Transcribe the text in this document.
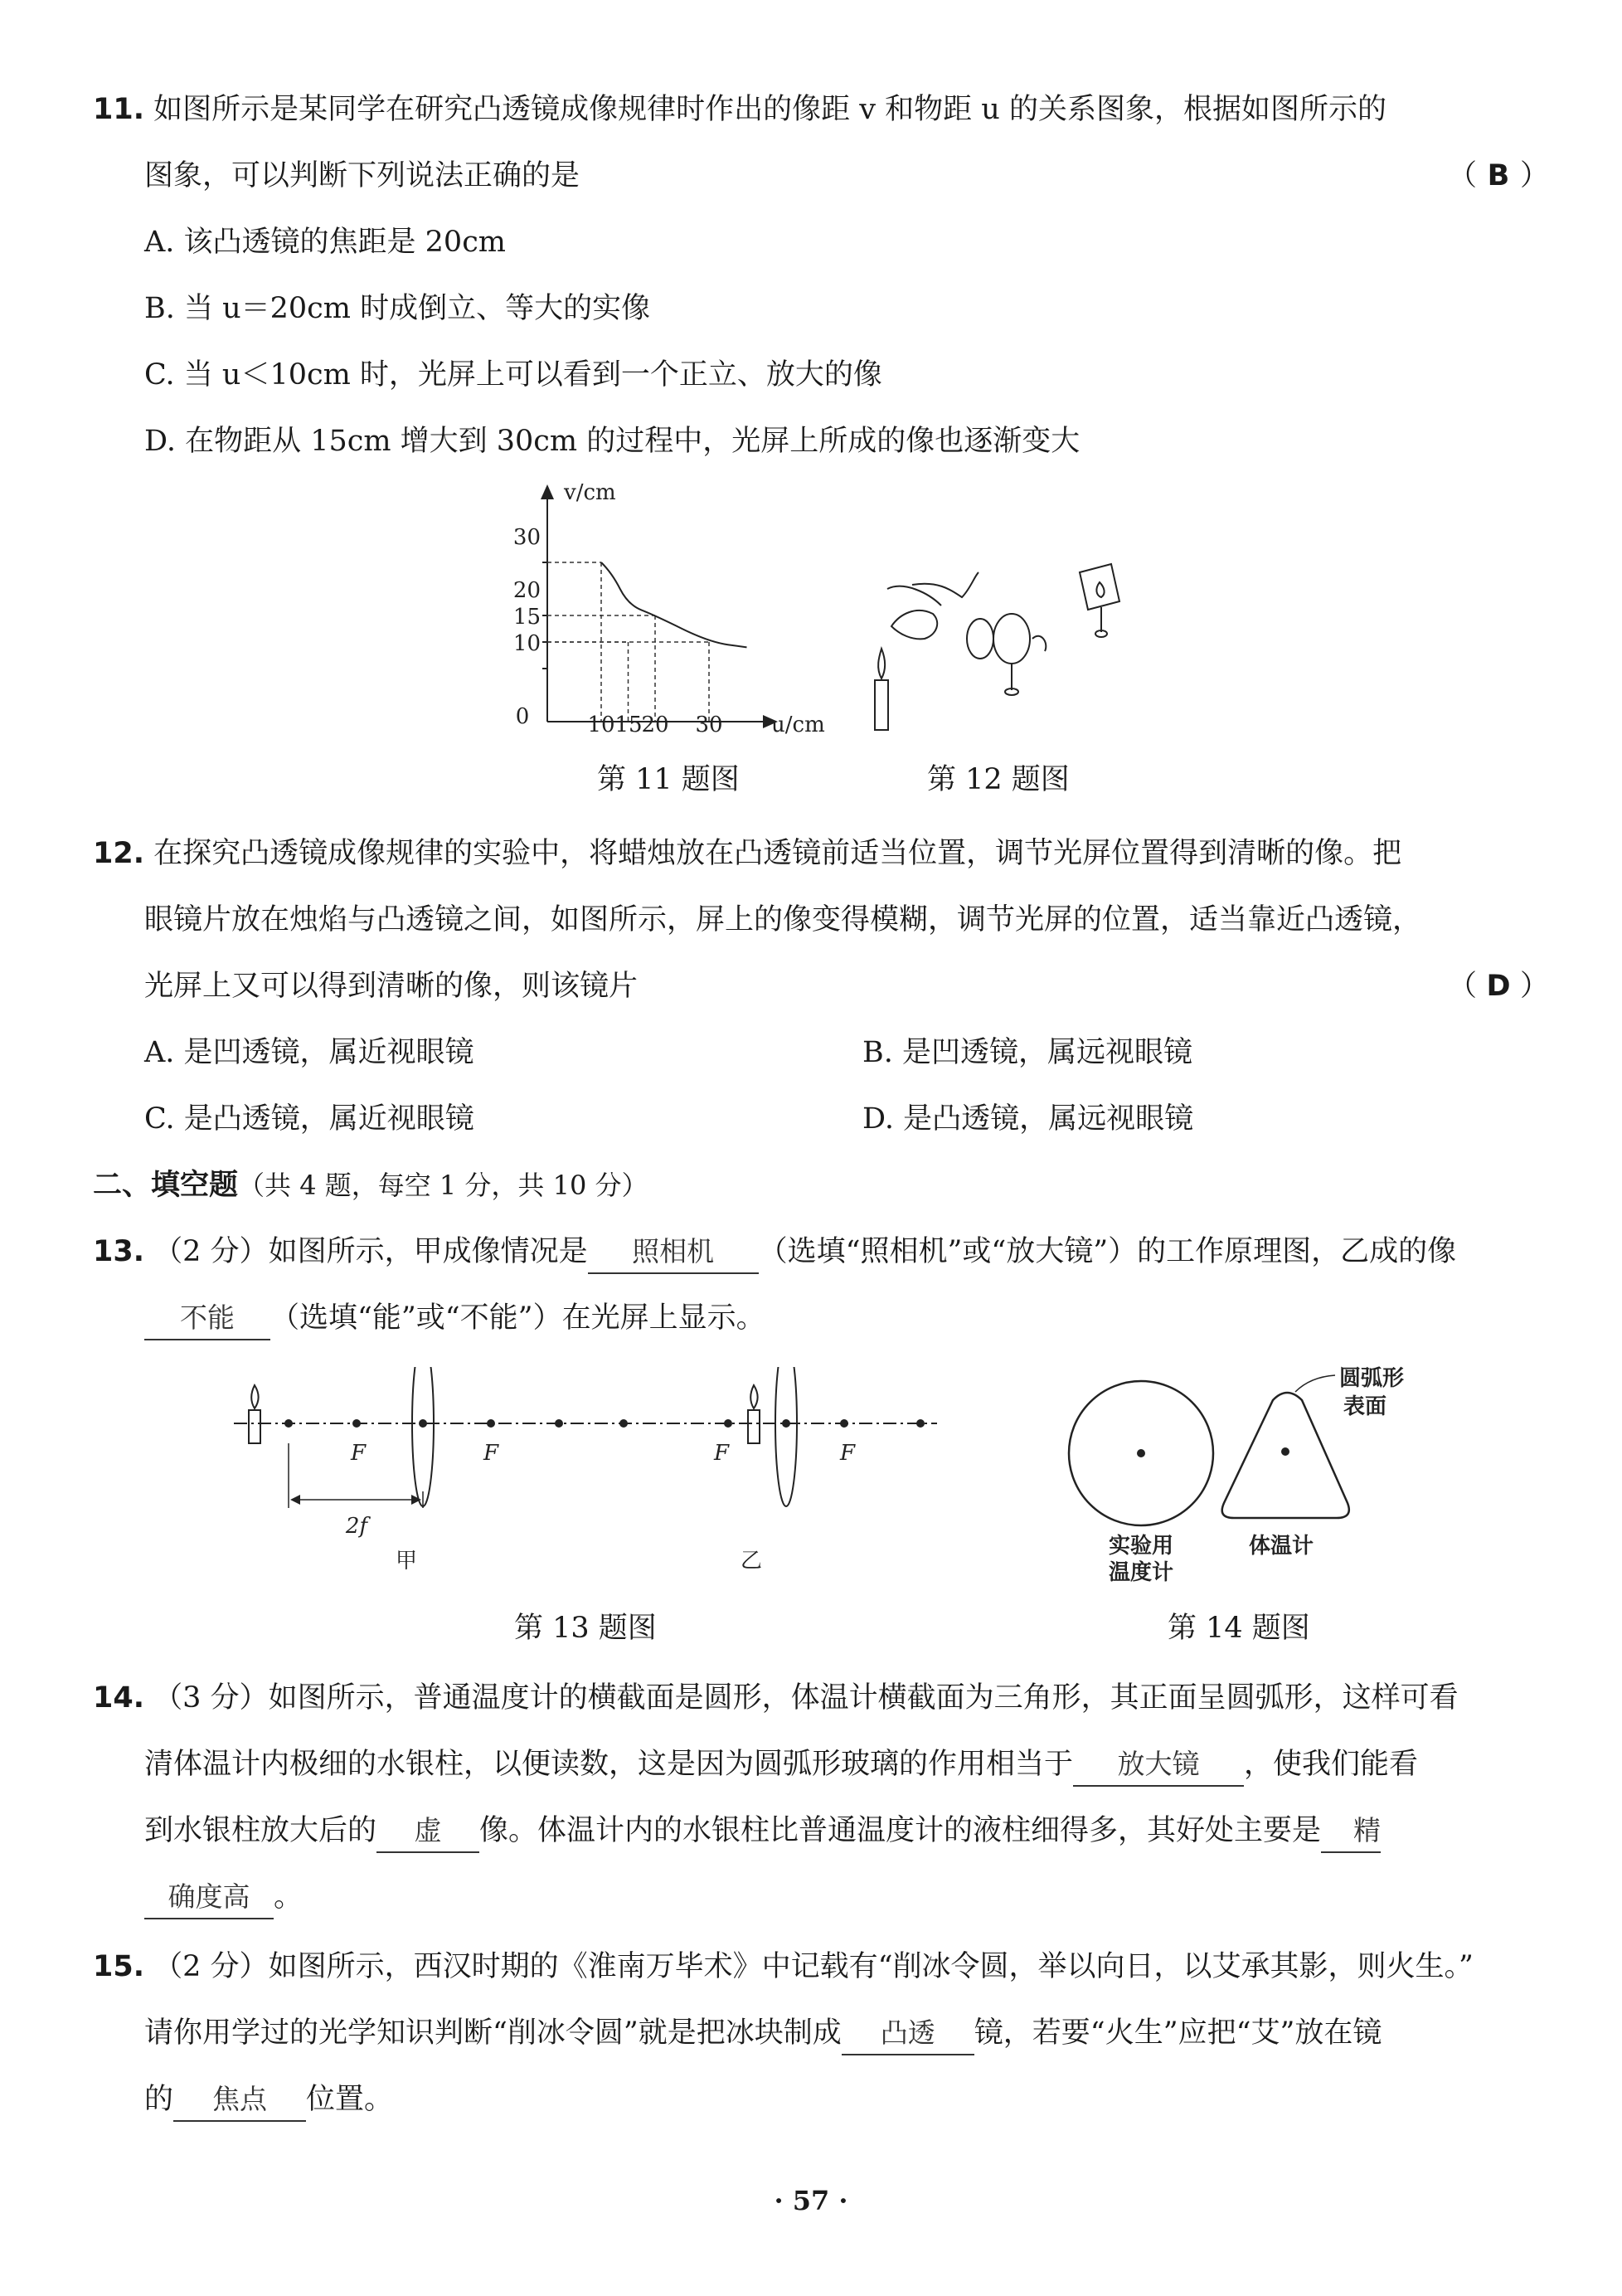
11. 如图所示是某同学在研究凸透镜成像规律时作出的像距 v 和物距 u 的关系图象，根据如图所示的
图象，可以判断下列说法正确的是	（ B ）
A. 该凸透镜的焦距是 20cm
B. 当 u＝20cm 时成倒立、等大的实像
C. 当 u＜10cm 时，光屏上可以看到一个正立、放大的像
D. 在物距从 15cm 增大到 30cm 的过程中，光屏上所成的像也逐渐变大
v/cm
u/cm
0	10 15
20 30
10
15
20
30
第 11 题图	第 12 题图
12. 在探究凸透镜成像规律的实验中，将蜡烛放在凸透镜前适当位置，调节光屏位置得到清晰的像。把
眼镜片放在烛焰与凸透镜之间，如图所示，屏上的像变得模糊，调节光屏的位置，适当靠近凸透镜，
光屏上又可以得到清晰的像，则该镜片	（ D ）
A. 是凹透镜，属近视眼镜	B. 是凹透镜，属远视眼镜
C. 是凸透镜，属近视眼镜	D. 是凸透镜，属远视眼镜
二、填空题（共 4 题，每空 1 分，共 10 分）
13. （2 分）如图所示，甲成像情况是 照相机 （选填“照相机”或“放大镜”）的工作原理图，乙成的像
不能 （选填“能”或“不能”）在光屏上显示。
F	F
2f
甲
F	F
乙
圆弧形
表面
实验用
温度计
体温计
第 13 题图	第 14 题图
14. （3 分）如图所示，普通温度计的横截面是圆形，体温计横截面为三角形，其正面呈圆弧形，这样可看
清体温计内极细的水银柱，以便读数，这是因为圆弧形玻璃的作用相当于 放大镜 ，使我们能看
到水银柱放大后的 虚 像。体温计内的水银柱比普通温度计的液柱细得多，其好处主要是 精
确度高 。
15. （2 分）如图所示，西汉时期的《淮南万毕术》中记载有“削冰令圆，举以向日，以艾承其影，则火生。”
请你用学过的光学知识判断“削冰令圆”就是把冰块制成 凸透 镜，若要“火生”应把“艾”放在镜
的 焦点 位置。
· 57 ·
